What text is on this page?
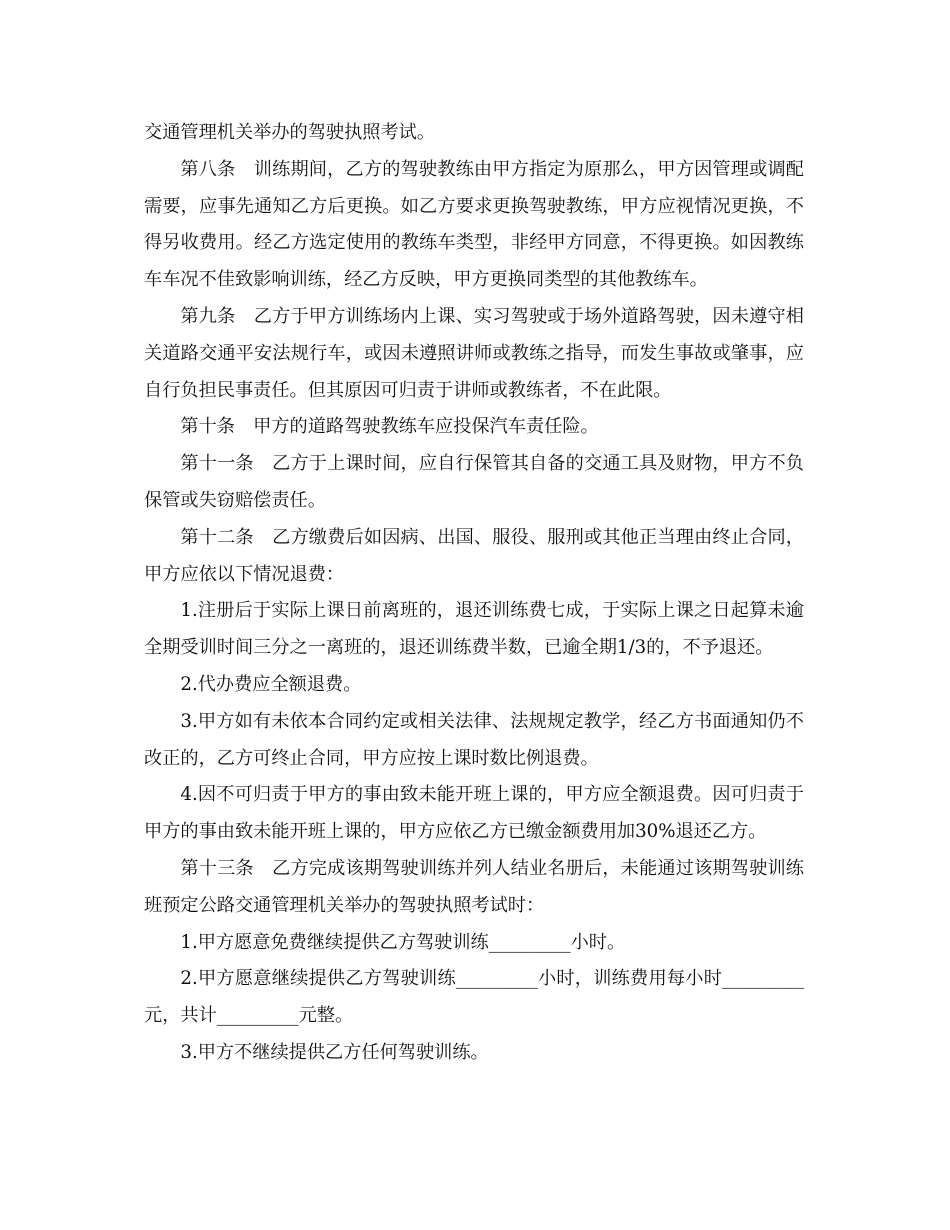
交通管理机关举办的驾驶执照考试。

第八条　训练期间，乙方的驾驶教练由甲方指定为原那么，甲方因管理或调配需要，应事先通知乙方后更换。如乙方要求更换驾驶教练，甲方应视情况更换，不得另收费用。经乙方选定使用的教练车类型，非经甲方同意，不得更换。如因教练车车况不佳致影响训练，经乙方反映，甲方更换同类型的其他教练车。

第九条　乙方于甲方训练场内上课、实习驾驶或于场外道路驾驶，因未遵守相关道路交通平安法规行车，或因未遵照讲师或教练之指导，而发生事故或肇事，应自行负担民事责任。但其原因可归责于讲师或教练者，不在此限。

第十条　甲方的道路驾驶教练车应投保汽车责任险。

第十一条　乙方于上课时间，应自行保管其自备的交通工具及财物，甲方不负保管或失窃赔偿责任。

第十二条　乙方缴费后如因病、出国、服役、服刑或其他正当理由终止合同，甲方应依以下情况退费：

1.注册后于实际上课日前离班的，退还训练费七成，于实际上课之日起算未逾全期受训时间三分之一离班的，退还训练费半数，已逾全期1/3的，不予退还。

2.代办费应全额退费。

3.甲方如有未依本合同约定或相关法律、法规规定教学，经乙方书面通知仍不改正的，乙方可终止合同，甲方应按上课时数比例退费。

4.因不可归责于甲方的事由致未能开班上课的，甲方应全额退费。因可归责于甲方的事由致未能开班上课的，甲方应依乙方已缴金额费用加30%退还乙方。

第十三条　乙方完成该期驾驶训练并列人结业名册后，未能通过该期驾驶训练班预定公路交通管理机关举办的驾驶执照考试时：

1.甲方愿意免费继续提供乙方驾驶训练_________小时。

2.甲方愿意继续提供乙方驾驶训练_________小时，训练费用每小时_________元，共计_________元整。

3.甲方不继续提供乙方任何驾驶训练。
